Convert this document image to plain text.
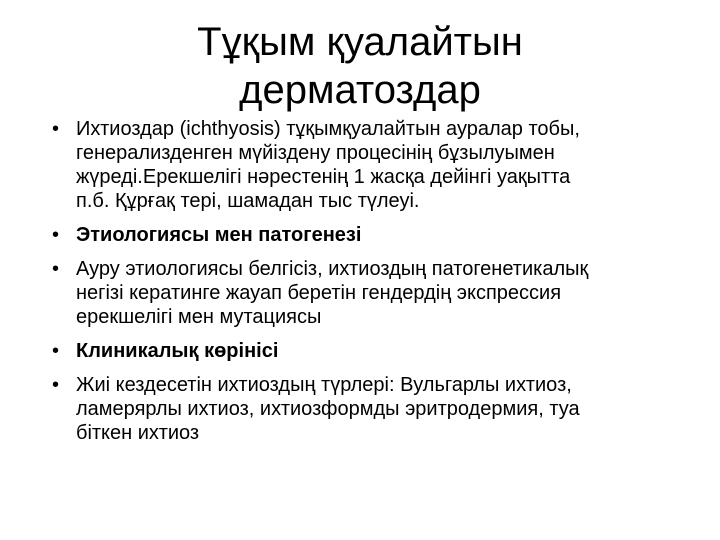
Тұқым қуалайтын
дерматоздар
• Ихтиоздар (ichthyosis) тұқымқуалайтын ауралар тобы,
генерализденген мүйіздену процесінің бұзылуымен
жүреді.Ерекшелігі нәрестенің 1 жасқа дейінгі уақытта
п.б. Құрғақ тері, шамадан тыс түлеуі.
• Этиологиясы мен патогенезі
• Ауру этиологиясы белгісіз, ихтиоздың патогенетикалық
негізі кератинге жауап беретін гендердің экспрессия
ерекшелігі мен мутациясы
• Клиникалық көрінісі
• Жиі кездесетін ихтиоздың түрлері: Вульгарлы ихтиоз,
ламерярлы ихтиоз, ихтиозформды эритродермия, туа
біткен ихтиоз
